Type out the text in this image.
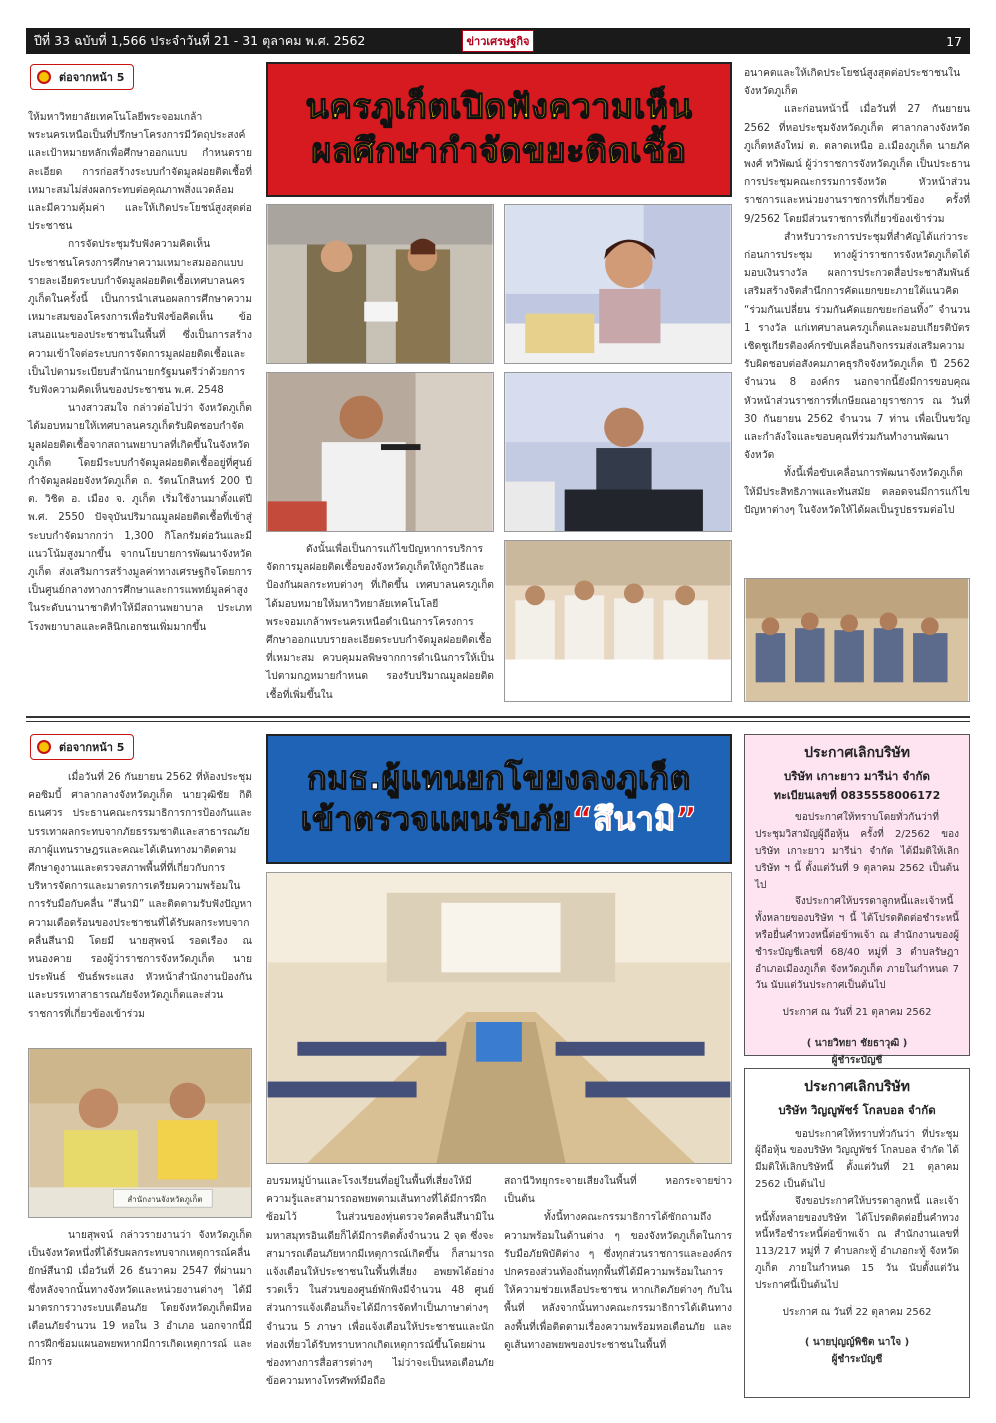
ปีที่ 33 ฉบับที่ 1,566 ประจำวันที่ 21 - 31 ตุลาคม พ.ศ. 2562	ข่าวเศรษฐกิจ	17
ต่อจากหน้า 5

ให้มหาวิทยาลัยเทคโนโลยีพระจอมเกล้าพระนครเหนือเป็นที่ปรึกษาโครงการมีวัตถุประสงค์และเป้าหมายหลักเพื่อศึกษาออกแบบ กำหนดรายละเอียด การก่อสร้างระบบกำจัดมูลฝอยติดเชื้อที่เหมาะสมไม่ส่งผลกระทบต่อคุณภาพสิ่งแวดล้อมและมีความคุ้มค่า และให้เกิดประโยชน์สูงสุดต่อประชาชน

การจัดประชุมรับฟังความคิดเห็นประชาชนโครงการศึกษาความเหมาะสมออกแบบรายละเอียดระบบกำจัดมูลฝอยติดเชื้อเทศบาลนครภูเก็ตในครั้งนี้ เป็นการนำเสนอผลการศึกษาความเหมาะสมของโครงการเพื่อรับฟังข้อคิดเห็น ข้อเสนอแนะของประชาชนในพื้นที่ ซึ่งเป็นการสร้างความเข้าใจต่อระบบการจัดการมูลฝอยติดเชื้อและเป็นไปตามระเบียบสำนักนายกรัฐมนตรีว่าด้วยการรับฟังความคิดเห็นของประชาชน พ.ศ. 2548

นางสาวสมใจ กล่าวต่อไปว่า จังหวัดภูเก็ตได้มอบหมายให้เทศบาลนครภูเก็ตรับผิดชอบกำจัดมูลฝอยติดเชื้อจากสถานพยาบาลที่เกิดขึ้นในจังหวัดภูเก็ต โดยมีระบบกำจัดมูลฝอยติดเชื้ออยู่ที่ศูนย์กำจัดมูลฝอยจังหวัดภูเก็ต ถ. รัตนโกสินทร์ 200 ปี ต. วิชิต อ. เมือง จ. ภูเก็ต เริ่มใช้งานมาตั้งแต่ปี พ.ศ. 2550 ปัจจุบันปริมาณมูลฝอยติดเชื้อที่เข้าสู่ระบบกำจัดมากกว่า 1,300 กิโลกรัมต่อวันและมีแนวโน้มสูงมากขึ้น จากนโยบายการพัฒนาจังหวัดภูเก็ต ส่งเสริมการสร้างมูลค่าทางเศรษฐกิจโดยการเป็นศูนย์กลางทางการศึกษาและการแพทย์มูลค่าสูงในระดับนานาชาติทำให้มีสถานพยาบาล ประเภทโรงพยาบาลและคลินิกเอกชนเพิ่มมากขึ้น

นครภูเก็ตเปิดฟังความเห็น
ผลศึกษากำจัดขยะติดเชื้อ

ดังนั้นเพื่อเป็นการแก้ไขปัญหาการบริการจัดการมูลฝอยติดเชื้อของจังหวัดภูเก็ตให้ถูกวิธีและป้องกันผลกระทบต่างๆ ที่เกิดขึ้น เทศบาลนครภูเก็ตได้มอบหมายให้มหาวิทยาลัยเทคโนโลยีพระจอมเกล้าพระนครเหนือดำเนินการโครงการศึกษาออกแบบรายละเอียดระบบกำจัดมูลฝอยติดเชื้อที่เหมาะสม ควบคุมมลพิษจากการดำเนินการให้เป็นไปตามกฎหมายกำหนด รองรับปริมาณมูลฝอยติดเชื้อที่เพิ่มขึ้นใน

อนาคตและให้เกิดประโยชน์สูงสุดต่อประชาชนในจังหวัดภูเก็ต

และก่อนหน้านี้ เมื่อวันที่ 27 กันยายน 2562 ที่หอประชุมจังหวัดภูเก็ต ศาลากลางจังหวัดภูเก็ตหลังใหม่ ต. ตลาดเหนือ อ.เมืองภูเก็ต นายภัคพงศ์ ทวิพัฒน์ ผู้ว่าราชการจังหวัดภูเก็ต เป็นประธานการประชุมคณะกรรมการจังหวัด หัวหน้าส่วนราชการและหน่วยงานราชการที่เกี่ยวข้อง ครั้งที่ 9/2562 โดยมีส่วนราชการที่เกี่ยวข้องเข้าร่วม

สำหรับวาระการประชุมที่สำคัญได้แก่วาระก่อนการประชุม ทางผู้ว่าราชการจังหวัดภูเก็ตได้มอบเงินรางวัล ผลการประกวดสื่อประชาสัมพันธ์เสริมสร้างจิตสำนึกการคัดแยกขยะภายใต้แนวคิด “ร่วมกันเปลี่ยน ร่วมกันคัดแยกขยะก่อนทิ้ง” จำนวน 1 รางวัล แก่เทศบาลนครภูเก็ตและมอบเกียรติบัตรเชิดชูเกียรติองค์กรขับเคลื่อนกิจกรรมส่งเสริมความรับผิดชอบต่อสังคมภาคธุรกิจจังหวัดภูเก็ต ปี 2562 จำนวน 8 องค์กร นอกจากนี้ยังมีการขอบคุณหัวหน้าส่วนราชการที่เกษียณอายุราชการ ณ วันที่ 30 กันยายน 2562 จำนวน 7 ท่าน เพื่อเป็นขวัญและกำลังใจและขอบคุณที่ร่วมกันทำงานพัฒนาจังหวัด

ทั้งนี้เพื่อขับเคลื่อนการพัฒนาจังหวัดภูเก็ตให้มีประสิทธิภาพและทันสมัย ตลอดจนมีการแก้ไขปัญหาต่างๆ ในจังหวัดให้ได้ผลเป็นรูปธรรมต่อไป

ต่อจากหน้า 5

เมื่อวันที่ 26 กันยายน 2562 ที่ห้องประชุมคอซิมบี้ ศาลากลางจังหวัดภูเก็ต นายวุฒิชัย กิติธเนศวร ประธานคณะกรรมาธิการการป้องกันและบรรเทาผลกระทบจากภัยธรรมชาติและสาธารณภัย สภาผู้แทนราษฎรและคณะได้เดินทางมาติดตามศึกษาดูงานและตรวจสภาพพื้นที่ที่เกี่ยวกับการบริหารจัดการและมาตรการเตรียมความพร้อมในการรับมือกับคลื่น “สึนามิ” และติดตามรับฟังปัญหาความเดือดร้อนของประชาชนที่ได้รับผลกระทบจากคลื่นสึนามิ โดยมี นายสุพจน์ รอดเรือง ณ หนองคาย รองผู้ว่าราชการจังหวัดภูเก็ต นายประพันธ์ ขันธ์พระแสง หัวหน้าสำนักงานป้องกันและบรรเทาสาธารณภัยจังหวัดภูเก็ตและส่วนราชการที่เกี่ยวข้องเข้าร่วม

สำนักงานจังหวัดภูเก็ต

นายสุพจน์ กล่าวรายงานว่า จังหวัดภูเก็ตเป็นจังหวัดหนึ่งที่ได้รับผลกระทบจากเหตุการณ์คลื่นยักษ์สึนามิ เมื่อวันที่ 26 ธันวาคม 2547 ที่ผ่านมา ซึ่งหลังจากนั้นทางจังหวัดและหน่วยงานต่างๆ ได้มีมาตรการวางระบบเตือนภัย โดยจังหวัดภูเก็ตมีหอเตือนภัยจำนวน 19 หอใน 3 อำเภอ นอกจากนี้มีการฝึกซ้อมแผนอพยพหากมีการเกิดเหตุการณ์ และมีการ

กมธ.ผู้แทนยกโขยงลงภูเก็ต
เข้าตรวจแผนรับภัย“สึนามิ”

อบรมหมู่บ้านและโรงเรียนที่อยู่ในพื้นที่เสี่ยงให้มีความรู้และสามารถอพยพตามเส้นทางที่ได้มีการฝึกซ้อมไว้ ในส่วนของทุ่นตรวจวัดคลื่นสึนามิในมหาสมุทรอินเดียก็ได้มีการติดตั้งจำนวน 2 จุด ซึ่งจะสามารถเตือนภัยหากมีเหตุการณ์เกิดขึ้น ก็สามารถแจ้งเตือนให้ประชาชนในพื้นที่เสี่ยง อพยพได้อย่างรวดเร็ว ในส่วนของศูนย์พักพิงมีจำนวน 48 ศูนย์ ส่วนการแจ้งเตือนก็จะได้มีการจัดทำเป็นภาษาต่างๆ จำนวน 5 ภาษา เพื่อแจ้งเตือนให้ประชาชนและนักท่องเที่ยวได้รับทราบหากเกิดเหตุการณ์ขึ้นโดยผ่านช่องทางการสื่อสารต่างๆ ไม่ว่าจะเป็นหอเตือนภัย ข้อความทางโทรศัพท์มือถือ

สถานีวิทยุกระจายเสียงในพื้นที่ หอกระจายข่าวเป็นต้น

ทั้งนี้ทางคณะกรรมาธิการได้ซักถามถึงความพร้อมในด้านต่าง ๆ ของจังหวัดภูเก็ตในการรับมือภัยพิบัติต่าง ๆ ซึ่งทุกส่วนราชการและองค์กรปกครองส่วนท้องถิ่นทุกพื้นที่ได้มีความพร้อมในการให้ความช่วยเหลือประชาชน หากเกิดภัยต่างๆ กับในพื้นที่ หลังจากนั้นทางคณะกรรมาธิการได้เดินทางลงพื้นที่เพื่อติดตามเรื่องความพร้อมหอเตือนภัย และดูเส้นทางอพยพของประชาชนในพื้นที่

ประกาศเลิกบริษัท
บริษัท เกาะยาว มารีน่า จำกัด
ทะเบียนเลขที่ 0835558006172

ขอประกาศให้ทราบโดยทั่วกันว่าที่ประชุมวิสามัญผู้ถือหุ้น ครั้งที่ 2/2562 ของบริษัท เกาะยาว มารีน่า จำกัด ได้มีมติให้เลิกบริษัท ฯ นี้ ตั้งแต่วันที่ 9 ตุลาคม 2562 เป็นต้นไป

จึงประกาศให้บรรดาลูกหนี้และเจ้าหนี้ทั้งหลายของบริษัท ฯ นี้ ได้โปรดติดต่อชำระหนี้หรือยื่นคำทวงหนี้ต่อข้าพเจ้า ณ สำนักงานของผู้ชำระบัญชีเลขที่ 68/40 หมู่ที่ 3 ตำบลรัษฎา อำเภอเมืองภูเก็ต จังหวัดภูเก็ต ภายในกำหนด 7 วัน นับแต่วันประกาศเป็นต้นไป

ประกาศ ณ วันที่ 21 ตุลาคม 2562

( นายวิทยา ชัยธาวุฒิ )

ผู้ชำระบัญชี

ประกาศเลิกบริษัท
บริษัท วิญญูพัชร์ โกลบอล จำกัด

ขอประกาศให้ทราบทั่วกันว่า ที่ประชุมผู้ถือหุ้น ของบริษัท วิญญูพัชร์ โกลบอล จำกัด ได้มีมติให้เลิกบริษัทนี้ ตั้งแต่วันที่ 21 ตุลาคม 2562 เป็นต้นไป

จึงขอประกาศให้บรรดาลูกหนี้ และเจ้าหนี้ทั้งหลายของบริษัท ได้โปรดติดต่อยื่นคำทวงหนี้หรือชำระหนี้ต่อข้าพเจ้า ณ สำนักงานเลขที่ 113/217 หมู่ที่ 7 ตำบลกะทู้ อำเภอกะทู้ จังหวัดภูเก็ต ภายในกำหนด 15 วัน นับตั้งแต่วันประกาศนี้เป็นต้นไป

ประกาศ ณ วันที่ 22 ตุลาคม 2562

( นายปุญญ์พิชิต นาใจ )

ผู้ชำระบัญชี
